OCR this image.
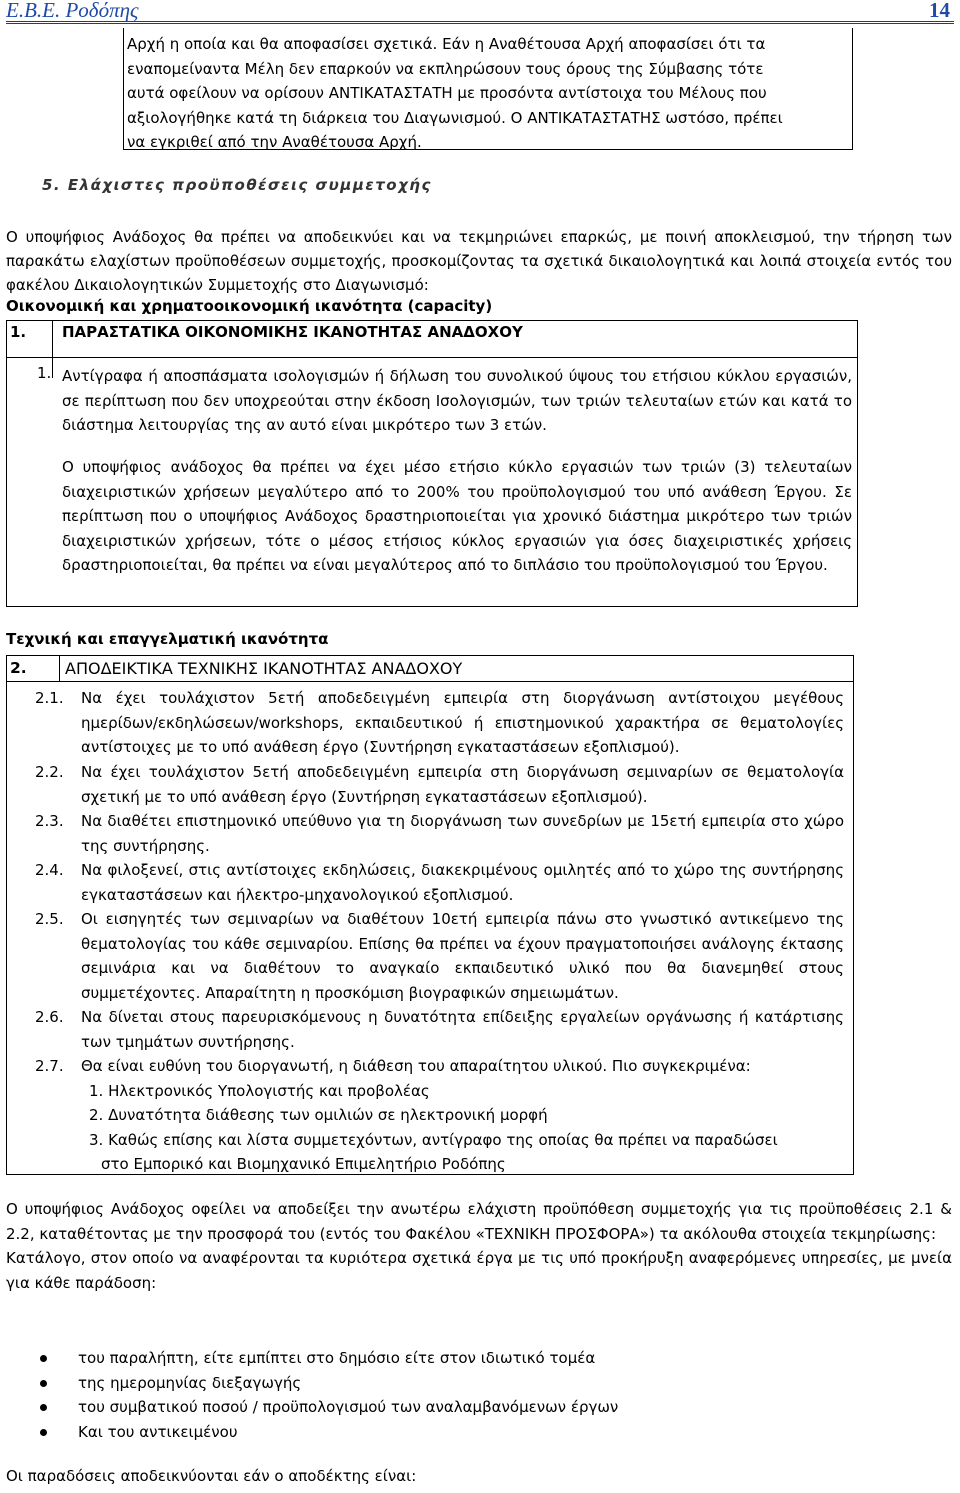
Ε.Β.Ε. Ροδόπης	14
Αρχή η οποία και θα αποφασίσει σχετικά. Εάν η Αναθέτουσα Αρχή αποφασίσει ότι τα
εναπομείναντα Μέλη δεν επαρκούν να εκπληρώσουν τους όρους της Σύμβασης τότε
αυτά οφείλουν να ορίσουν ΑΝΤΙΚΑΤΑΣΤΑΤΗ με προσόντα αντίστοιχα του Μέλους που
αξιολογήθηκε κατά τη διάρκεια του Διαγωνισμού. Ο ΑΝΤΙΚΑΤΑΣΤΑΤΗΣ ωστόσο, πρέπει
να εγκριθεί από την Αναθέτουσα Αρχή.
5. Ελάχιστες προϋποθέσεις συμμετοχής
Ο υποψήφιος Ανάδοχος θα πρέπει να αποδεικνύει και να τεκμηριώνει επαρκώς, με ποινή αποκλεισμού, την τήρηση των παρακάτω ελαχίστων προϋποθέσεων συμμετοχής, προσκομίζοντας τα σχετικά δικαιολογητικά και λοιπά στοιχεία εντός του φακέλου Δικαιολογητικών Συμμετοχής στο Διαγωνισμό:
Οικονομική και χρηματοοικονομική ικανότητα (capacity)
1. ΠΑΡΑΣΤΑΤΙΚΑ ΟΙΚΟΝΟΜΙΚΗΣ ΙΚΑΝΟΤΗΤΑΣ ΑΝΑΔΟΧΟΥ
1. Αντίγραφα ή αποσπάσματα ισολογισμών ή δήλωση του συνολικού ύψους του ετήσιου κύκλου εργασιών, σε περίπτωση που δεν υποχρεούται στην έκδοση Ισολογισμών, των τριών τελευταίων ετών και κατά το διάστημα λειτουργίας της αν αυτό είναι μικρότερο των 3 ετών.
Ο υποψήφιος ανάδοχος θα πρέπει να έχει μέσο ετήσιο κύκλο εργασιών των τριών (3) τελευταίων διαχειριστικών χρήσεων μεγαλύτερο από το 200% του προϋπολογισμού του υπό ανάθεση Έργου. Σε περίπτωση που ο υποψήφιος Ανάδοχος δραστηριοποιείται για χρονικό διάστημα μικρότερο των τριών διαχειριστικών χρήσεων, τότε ο μέσος ετήσιος κύκλος εργασιών για όσες διαχειριστικές χρήσεις δραστηριοποιείται, θα πρέπει να είναι μεγαλύτερος από το διπλάσιο του προϋπολογισμού του Έργου.
Τεχνική και επαγγελματική ικανότητα
2. ΑΠΟΔΕΙΚΤΙΚΑ ΤΕΧΝΙΚΗΣ ΙΚΑΝΟΤΗΤΑΣ ΑΝΑΔΟΧΟΥ
2.1. Να έχει τουλάχιστον 5ετή αποδεδειγμένη εμπειρία στη διοργάνωση αντίστοιχου μεγέθους ημερίδων/εκδηλώσεων/workshops, εκπαιδευτικού ή επιστημονικού χαρακτήρα σε θεματολογίες αντίστοιχες με το υπό ανάθεση έργο (Συντήρηση εγκαταστάσεων εξοπλισμού).
2.2. Να έχει τουλάχιστον 5ετή αποδεδειγμένη εμπειρία στη διοργάνωση σεμιναρίων σε θεματολογία σχετική με το υπό ανάθεση έργο (Συντήρηση εγκαταστάσεων εξοπλισμού).
2.3. Να διαθέτει επιστημονικό υπεύθυνο για τη διοργάνωση των συνεδρίων με 15ετή εμπειρία στο χώρο της συντήρησης.
2.4. Να φιλοξενεί, στις αντίστοιχες εκδηλώσεις, διακεκριμένους ομιλητές από το χώρο της συντήρησης εγκαταστάσεων και ήλεκτρο-μηχανολογικού εξοπλισμού.
2.5. Οι εισηγητές των σεμιναρίων να διαθέτουν 10ετή εμπειρία πάνω στο γνωστικό αντικείμενο της θεματολογίας του κάθε σεμιναρίου. Επίσης θα πρέπει να έχουν πραγματοποιήσει ανάλογης έκτασης σεμινάρια και να διαθέτουν το αναγκαίο εκπαιδευτικό υλικό που θα διανεμηθεί στους συμμετέχοντες. Απαραίτητη η προσκόμιση βιογραφικών σημειωμάτων.
2.6. Να δίνεται στους παρευρισκόμενους η δυνατότητα επίδειξης εργαλείων οργάνωσης ή κατάρτισης των τμημάτων συντήρησης.
2.7. Θα είναι ευθύνη του διοργανωτή, η διάθεση του απαραίτητου υλικού. Πιο συγκεκριμένα:
1. Ηλεκτρονικός Υπολογιστής και προβολέας
2. Δυνατότητα διάθεσης των ομιλιών σε ηλεκτρονική μορφή
3. Καθώς επίσης και λίστα συμμετεχόντων, αντίγραφο της οποίας θα πρέπει να παραδώσει
στο Εμπορικό και Βιομηχανικό Επιμελητήριο Ροδόπης
Ο υποψήφιος Ανάδοχος οφείλει να αποδείξει την ανωτέρω ελάχιστη προϋπόθεση συμμετοχής για τις προϋποθέσεις 2.1 & 2.2, καταθέτοντας με την προσφορά του (εντός του Φακέλου «ΤΕΧΝΙΚΗ ΠΡΟΣΦΟΡΑ») τα ακόλουθα στοιχεία τεκμηρίωσης:
Κατάλογο, στον οποίο να αναφέρονται τα κυριότερα σχετικά έργα με τις υπό προκήρυξη αναφερόμενες υπηρεσίες, με μνεία για κάθε παράδοση:
του παραλήπτη, είτε εμπίπτει στο δημόσιο είτε στον ιδιωτικό τομέα
της ημερομηνίας διεξαγωγής
του συμβατικού ποσού / προϋπολογισμού των αναλαμβανόμενων έργων
Και του αντικειμένου
Οι παραδόσεις αποδεικνύονται εάν ο αποδέκτης είναι:
